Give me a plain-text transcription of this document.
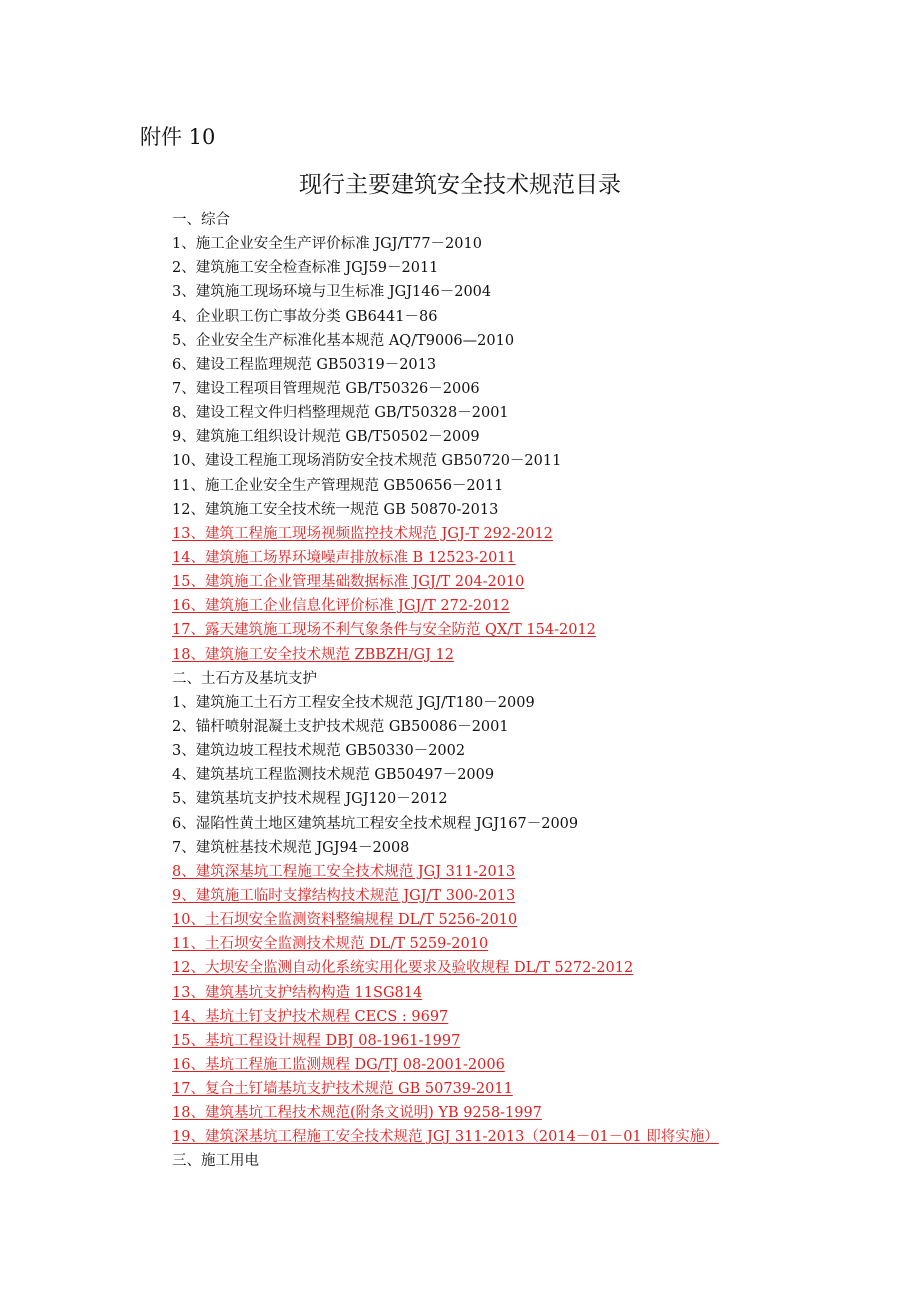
附件 10
现行主要建筑安全技术规范目录
一、综合
1、施工企业安全生产评价标准 JGJ/T77－2010
2、建筑施工安全检查标准 JGJ59－2011
3、建筑施工现场环境与卫生标准 JGJ146－2004
4、企业职工伤亡事故分类 GB6441－86
5、企业安全生产标准化基本规范 AQ/T9006—2010
6、建设工程监理规范 GB50319－2013
7、建设工程项目管理规范 GB/T50326－2006
8、建设工程文件归档整理规范 GB/T50328－2001
9、建筑施工组织设计规范 GB/T50502－2009
10、建设工程施工现场消防安全技术规范 GB50720－2011
11、施工企业安全生产管理规范 GB50656－2011
12、建筑施工安全技术统一规范 GB 50870-2013
13、建筑工程施工现场视频监控技术规范 JGJ-T 292-2012
14、建筑施工场界环境噪声排放标准 B 12523-2011
15、建筑施工企业管理基础数据标准 JGJ/T 204-2010
16、建筑施工企业信息化评价标准 JGJ/T 272-2012
17、露天建筑施工现场不利气象条件与安全防范 QX/T 154-2012
18、建筑施工安全技术规范 ZBBZH/GJ 12
二、土石方及基坑支护
1、建筑施工土石方工程安全技术规范 JGJ/T180－2009
2、锚杆喷射混凝土支护技术规范 GB50086－2001
3、建筑边坡工程技术规范 GB50330－2002
4、建筑基坑工程监测技术规范 GB50497－2009
5、建筑基坑支护技术规程 JGJ120－2012
6、湿陷性黄土地区建筑基坑工程安全技术规程 JGJ167－2009
7、建筑桩基技术规范 JGJ94－2008
8、建筑深基坑工程施工安全技术规范 JGJ 311-2013
9、建筑施工临时支撑结构技术规范 JGJ/T 300-2013
10、土石坝安全监测资料整编规程 DL/T 5256-2010
11、土石坝安全监测技术规范 DL/T 5259-2010
12、大坝安全监测自动化系统实用化要求及验收规程 DL/T 5272-2012
13、建筑基坑支护结构构造 11SG814
14、基坑土钉支护技术规程 CECS : 9697
15、基坑工程设计规程 DBJ 08-1961-1997
16、基坑工程施工监测规程 DG/TJ 08-2001-2006
17、复合土钉墙基坑支护技术规范 GB 50739-2011
18、建筑基坑工程技术规范(附条文说明) YB 9258-1997
19、建筑深基坑工程施工安全技术规范 JGJ 311-2013（2014－01－01 即将实施）
三、施工用电
